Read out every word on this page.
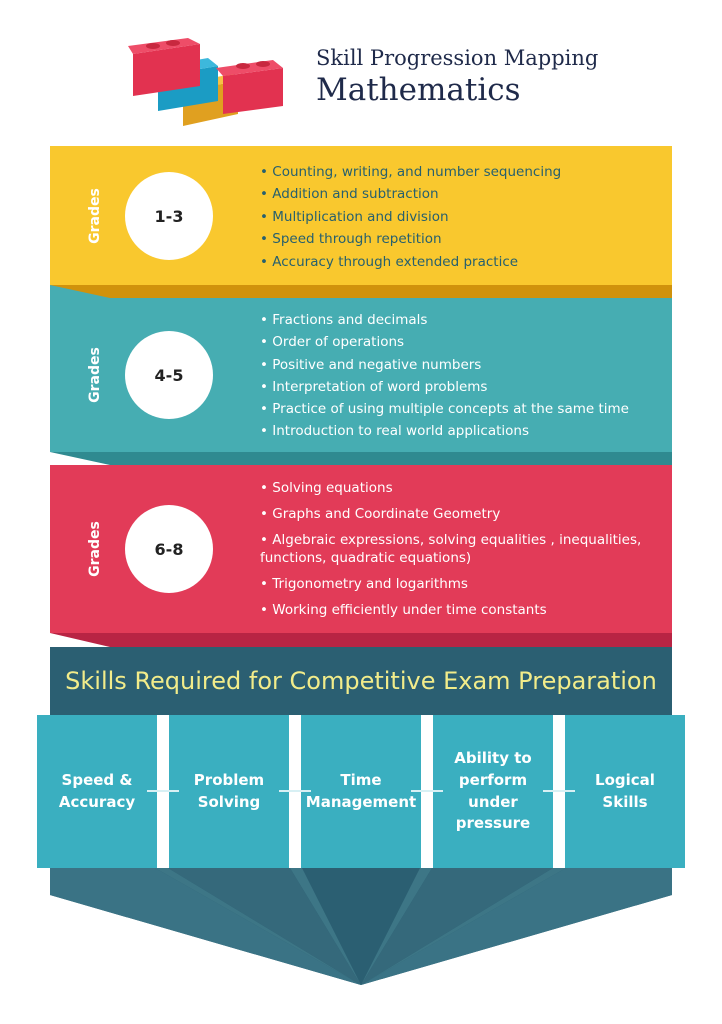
Skill Progression Mapping
Mathematics
Grades	1-3
• Counting, writing, and number sequencing
• Addition and subtraction
• Multiplication and division
• Speed through repetition
• Accuracy through extended practice
Grades	4-5
• Fractions and decimals
• Order of operations
• Positive and negative numbers
• Interpretation of word problems
• Practice of using multiple concepts at the same time
• Introduction to real world applications
Grades	6-8
• Solving equations
• Graphs and Coordinate Geometry
• Algebraic expressions, solving equalities , inequalities, functions, quadratic equations)
• Trigonometry and logarithms
• Working efficiently under time constants
Skills Required for Competitive Exam Preparation
Speed & Accuracy
Problem Solving
Time Management
Ability to perform under pressure
Logical Skills
